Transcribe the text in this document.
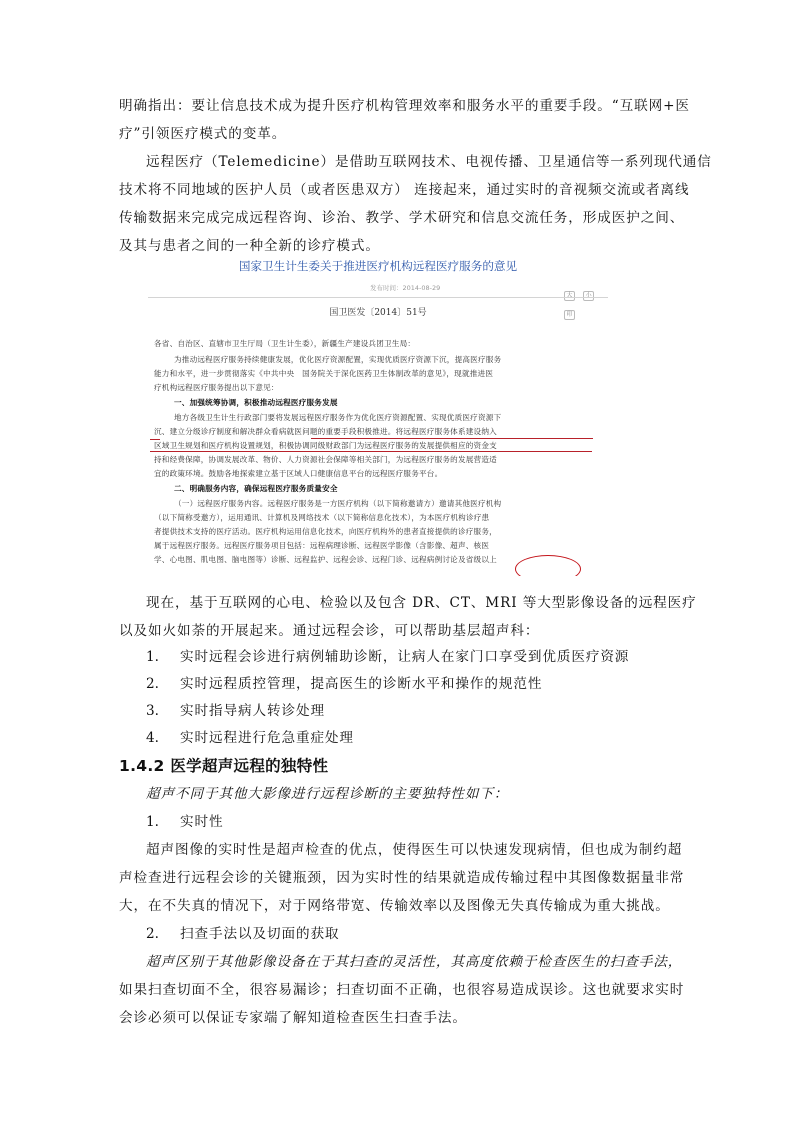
明确指出：要让信息技术成为提升医疗机构管理效率和服务水平的重要手段。“互联网+医
疗”引领医疗模式的变革。
远程医疗（Telemedicine）是借助互联网技术、电视传播、卫星通信等一系列现代通信
技术将不同地域的医护人员（或者医患双方） 连接起来，通过实时的音视频交流或者离线
传输数据来完成完成远程咨询、诊治、教学、学术研究和信息交流任务，形成医护之间、
及其与患者之间的一种全新的诊疗模式。
国家卫生计生委关于推进医疗机构远程医疗服务的意见
发布时间：2014-08-29
大 小 印
国卫医发〔2014〕51号
各省、自治区、直辖市卫生厅局（卫生计生委），新疆生产建设兵团卫生局：
为推动远程医疗服务持续健康发展，优化医疗资源配置，实现优质医疗资源下沉，提高医疗服务
能力和水平，进一步贯彻落实《中共中央　国务院关于深化医药卫生体制改革的意见》，现就推进医
疗机构远程医疗服务提出以下意见：
一、加强统筹协调，积极推动远程医疗服务发展
地方各级卫生计生行政部门要将发展远程医疗服务作为优化医疗资源配置、实现优质医疗资源下
沉、建立分级诊疗制度和解决群众看病就医问题的重要手段积极推进。将远程医疗服务体系建设纳入
区域卫生规划和医疗机构设置规划，积极协调同级财政部门为远程医疗服务的发展提供相应的资金支
持和经费保障，协调发展改革、物价、人力资源社会保障等相关部门，为远程医疗服务的发展营造适
宜的政策环境。鼓励各地探索建立基于区域人口健康信息平台的远程医疗服务平台。
二、明确服务内容，确保远程医疗服务质量安全
（一）远程医疗服务内容。远程医疗服务是一方医疗机构（以下简称邀请方）邀请其他医疗机构
（以下简称受邀方），运用通讯、计算机及网络技术（以下简称信息化技术），为本医疗机构诊疗患
者提供技术支持的医疗活动。医疗机构运用信息化技术，向医疗机构外的患者直接提供的诊疗服务，
属于远程医疗服务。远程医疗服务项目包括：远程病理诊断、远程医学影像（含影像、超声、核医
学、心电图、肌电图、脑电图等）诊断、远程监护、远程会诊、远程门诊、远程病例讨论及省级以上
现在，基于互联网的心电、检验以及包含 DR、CT、MRI 等大型影像设备的远程医疗
以及如火如荼的开展起来。通过远程会诊，可以帮助基层超声科：
1. 实时远程会诊进行病例辅助诊断，让病人在家门口享受到优质医疗资源
2. 实时远程质控管理，提高医生的诊断水平和操作的规范性
3. 实时指导病人转诊处理
4. 实时远程进行危急重症处理
1.4.2 医学超声远程的独特性
超声不同于其他大影像进行远程诊断的主要独特性如下：
1. 实时性
超声图像的实时性是超声检查的优点，使得医生可以快速发现病情，但也成为制约超
声检查进行远程会诊的关键瓶颈，因为实时性的结果就造成传输过程中其图像数据量非常
大，在不失真的情况下，对于网络带宽、传输效率以及图像无失真传输成为重大挑战。
2. 扫查手法以及切面的获取
超声区别于其他影像设备在于其扫查的灵活性，其高度依赖于检查医生的扫查手法，
如果扫查切面不全，很容易漏诊；扫查切面不正确，也很容易造成误诊。这也就要求实时
会诊必须可以保证专家端了解知道检查医生扫查手法。
